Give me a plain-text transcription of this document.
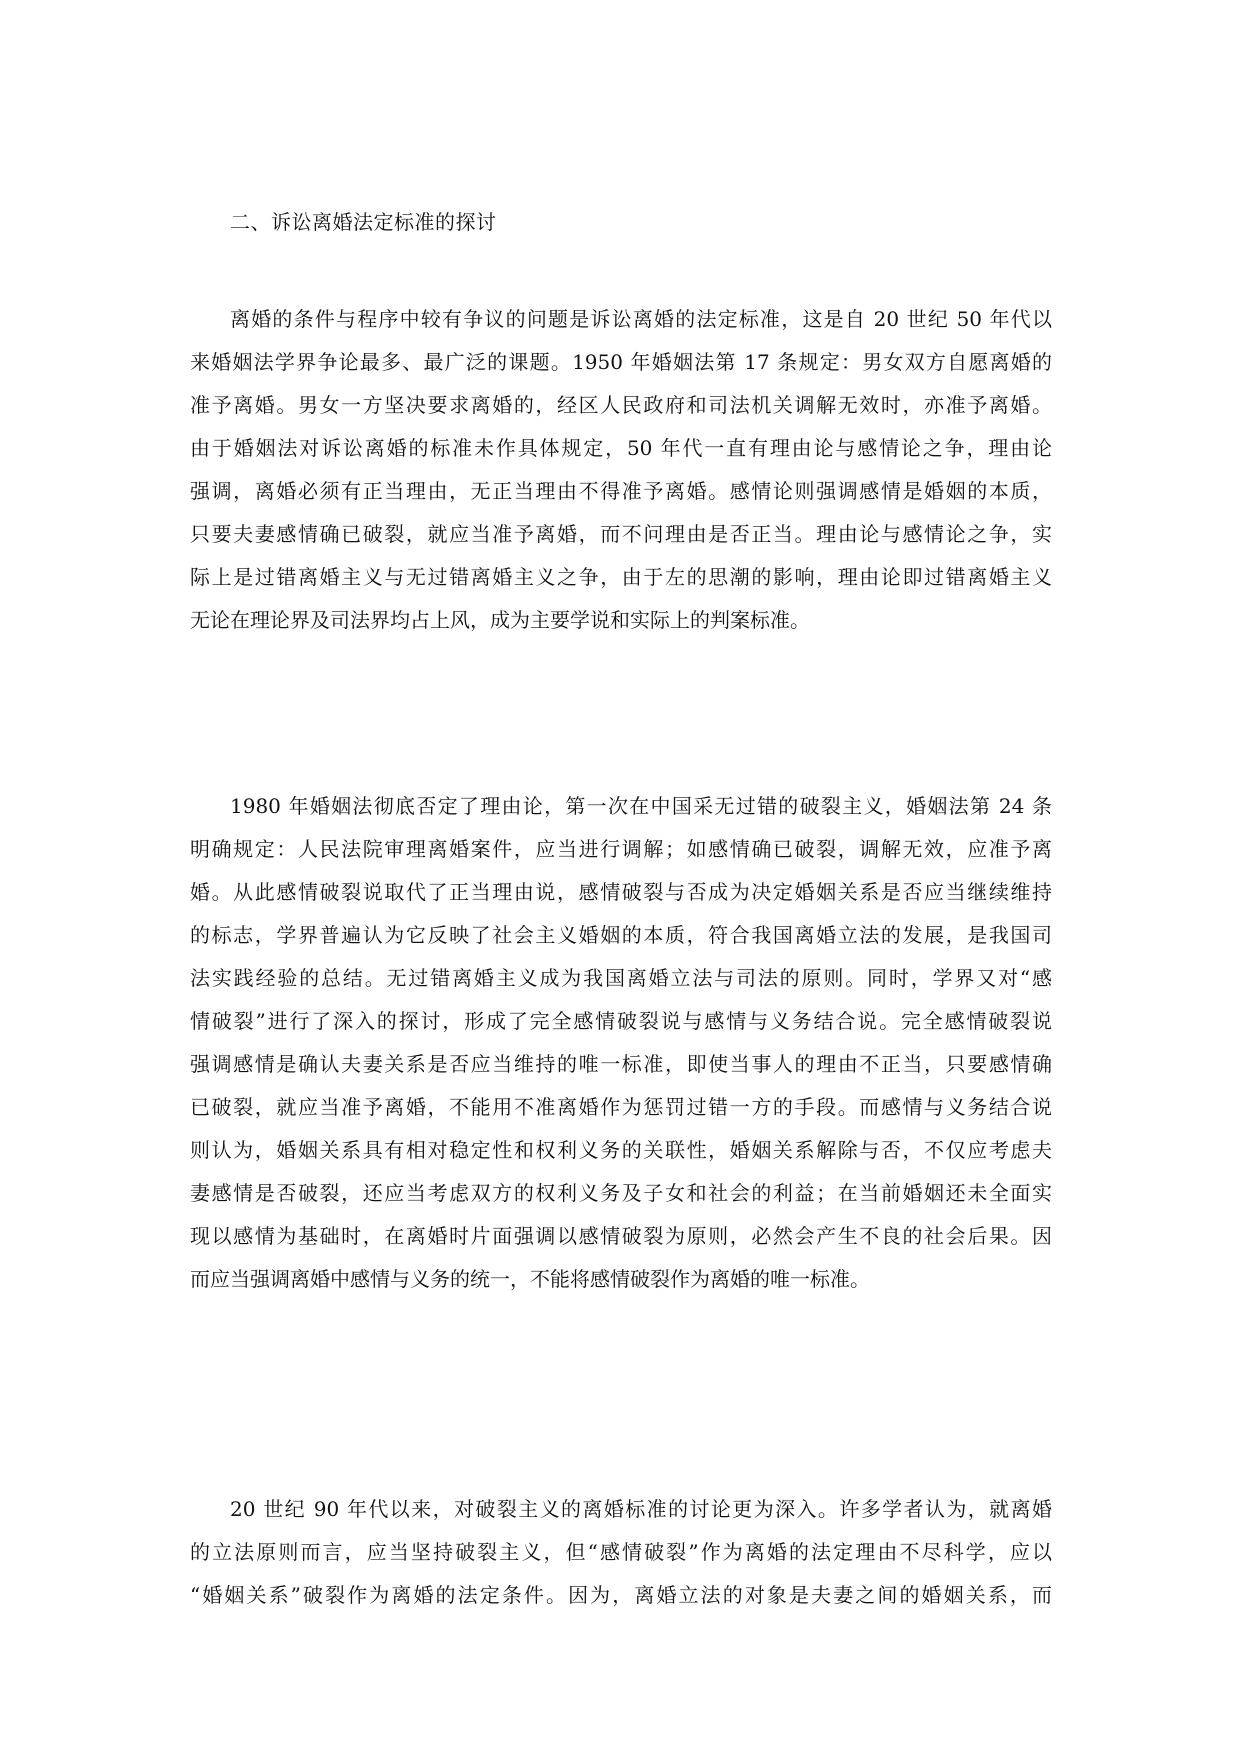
二、诉讼离婚法定标准的探讨
离婚的条件与程序中较有争议的问题是诉讼离婚的法定标准，这是自 20 世纪 50 年代以
来婚姻法学界争论最多、最广泛的课题。1950 年婚姻法第 17 条规定：男女双方自愿离婚的
准予离婚。男女一方坚决要求离婚的，经区人民政府和司法机关调解无效时，亦准予离婚。
由于婚姻法对诉讼离婚的标准未作具体规定，50 年代一直有理由论与感情论之争，理由论
强调，离婚必须有正当理由，无正当理由不得准予离婚。感情论则强调感情是婚姻的本质，
只要夫妻感情确已破裂，就应当准予离婚，而不问理由是否正当。理由论与感情论之争，实
际上是过错离婚主义与无过错离婚主义之争，由于左的思潮的影响，理由论即过错离婚主义
无论在理论界及司法界均占上风，成为主要学说和实际上的判案标准。
1980 年婚姻法彻底否定了理由论，第一次在中国采无过错的破裂主义，婚姻法第 24 条
明确规定：人民法院审理离婚案件，应当进行调解；如感情确已破裂，调解无效，应准予离
婚。从此感情破裂说取代了正当理由说，感情破裂与否成为决定婚姻关系是否应当继续维持
的标志，学界普遍认为它反映了社会主义婚姻的本质，符合我国离婚立法的发展，是我国司
法实践经验的总结。无过错离婚主义成为我国离婚立法与司法的原则。同时，学界又对“感
情破裂”进行了深入的探讨，形成了完全感情破裂说与感情与义务结合说。完全感情破裂说
强调感情是确认夫妻关系是否应当维持的唯一标准，即使当事人的理由不正当，只要感情确
已破裂，就应当准予离婚，不能用不准离婚作为惩罚过错一方的手段。而感情与义务结合说
则认为，婚姻关系具有相对稳定性和权利义务的关联性，婚姻关系解除与否，不仅应考虑夫
妻感情是否破裂，还应当考虑双方的权利义务及子女和社会的利益；在当前婚姻还未全面实
现以感情为基础时，在离婚时片面强调以感情破裂为原则，必然会产生不良的社会后果。因
而应当强调离婚中感情与义务的统一，不能将感情破裂作为离婚的唯一标准。
20 世纪 90 年代以来，对破裂主义的离婚标准的讨论更为深入。许多学者认为，就离婚
的立法原则而言，应当坚持破裂主义，但“感情破裂”作为离婚的法定理由不尽科学，应以
“婚姻关系”破裂作为离婚的法定条件。因为，离婚立法的对象是夫妻之间的婚姻关系，而
